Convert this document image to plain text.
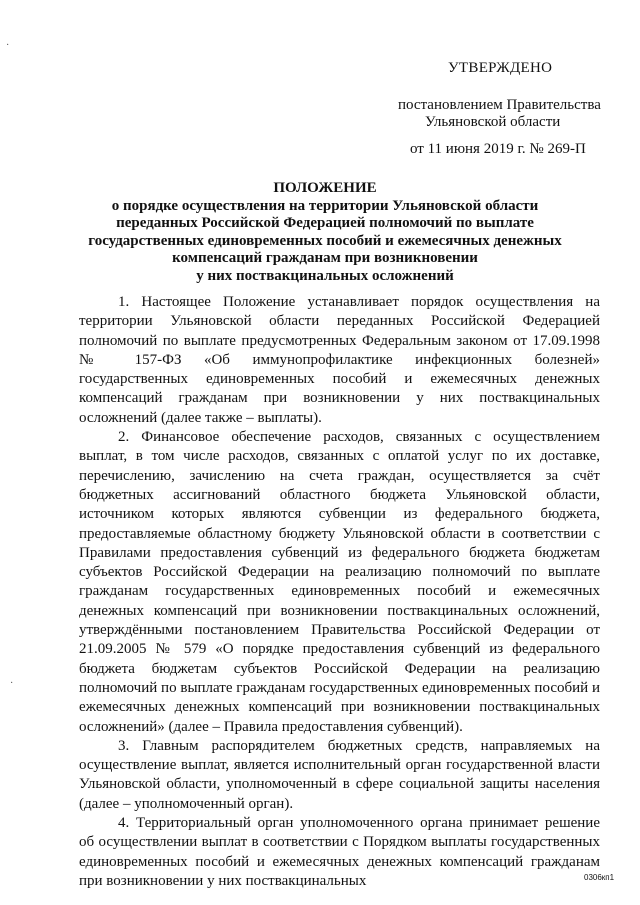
·
·
УТВЕРЖДЕНО
постановлением Правительства
Ульяновской области
от 11 июня 2019 г. № 269-П
ПОЛОЖЕНИЕ
о порядке осуществления на территории Ульяновской области
переданных Российской Федерацией полномочий по выплате
государственных единовременных пособий и ежемесячных денежных
компенсаций гражданам при возникновении
у них поствакцинальных осложнений

1. Настоящее Положение устанавливает порядок осуществления на территории Ульяновской области переданных Российской Федерацией полномочий по выплате предусмотренных Федеральным законом от 17.09.1998 № 157-ФЗ «Об иммунопрофилактике инфекционных болезней» государственных единовременных пособий и ежемесячных денежных компенсаций гражданам при возникновении у них поствакцинальных осложнений (далее также – выплаты).

2. Финансовое обеспечение расходов, связанных с осуществлением выплат, в том числе расходов, связанных с оплатой услуг по их доставке, перечислению, зачислению на счета граждан, осуществляется за счёт бюджетных ассигнований областного бюджета Ульяновской области, источником которых являются субвенции из федерального бюджета, предоставляемые областному бюджету Ульяновской области в соответствии с Правилами предоставления субвенций из федерального бюджета бюджетам субъектов Российской Федерации на реализацию полномочий по выплате гражданам государственных единовременных пособий и ежемесячных денежных компенсаций при возникновении поствакцинальных осложнений, утверждёнными постановлением Правительства Российской Федерации от 21.09.2005 № 579 «О порядке предоставления субвенций из федерального бюджета бюджетам субъектов Российской Федерации на реализацию полномочий по выплате гражданам государственных единовременных пособий и ежемесячных денежных компенсаций при возникновении поствакцинальных осложнений» (далее – Правила предоставления субвенций).

3. Главным распорядителем бюджетных средств, направляемых на осуществление выплат, является исполнительный орган государственной власти Ульяновской области, уполномоченный в сфере социальной защиты населения (далее – уполномоченный орган).

4. Территориальный орган уполномоченного органа принимает решение об осуществлении выплат в соответствии с Порядком выплаты государственных единовременных пособий и ежемесячных денежных компенсаций гражданам при возникновении у них поствакцинальных	0306кп1
